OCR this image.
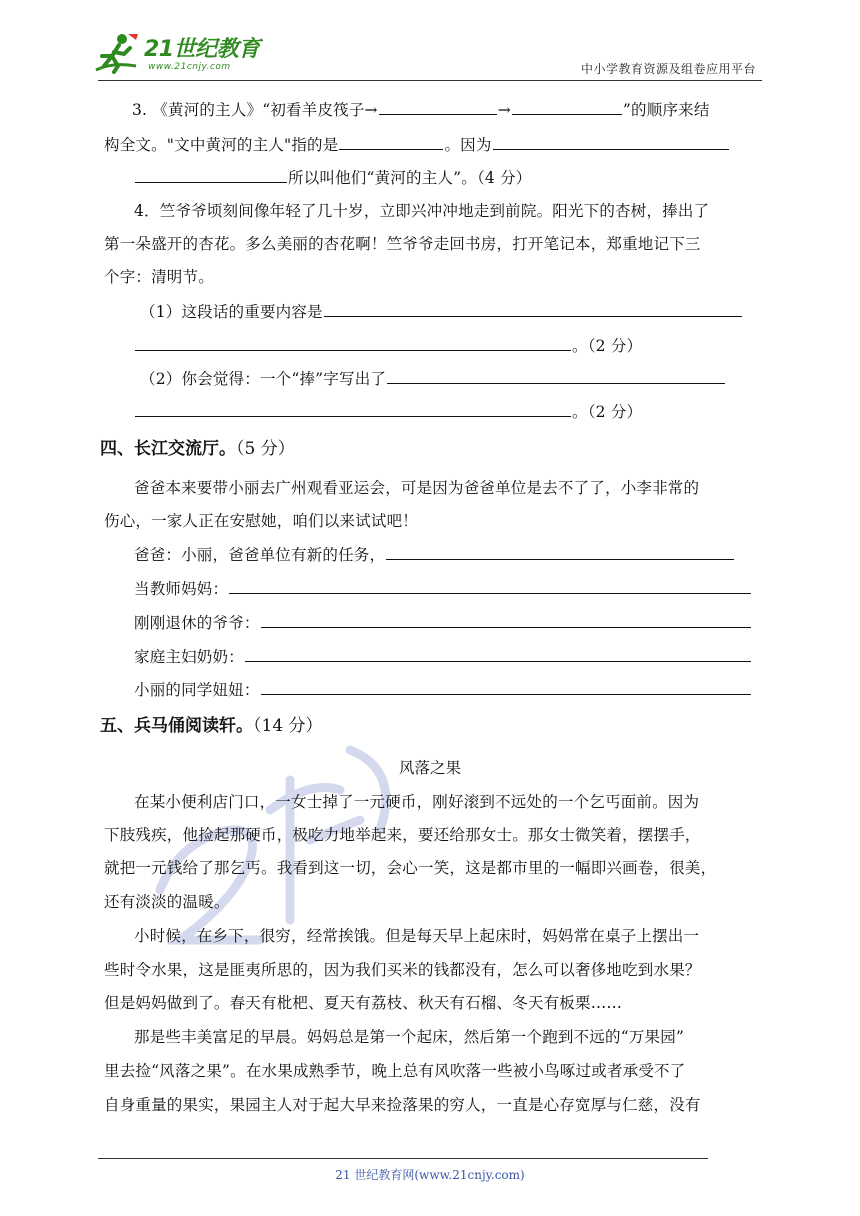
21世纪教育
www.21cnjy.com	中小学教育资源及组卷应用平台
3. 《黄河的主人》“初看羊皮筏子→	→	”的顺序来结
构全文。"文中黄河的主人"指的是	。因为
所以叫他们“黄河的主人”。（4 分）
4．竺爷爷顷刻间像年轻了几十岁，立即兴冲冲地走到前院。阳光下的杏树，捧出了
第一朵盛开的杏花。多么美丽的杏花啊！竺爷爷走回书房，打开笔记本，郑重地记下三
个字：清明节。
（1）这段话的重要内容是
。（2 分）
（2）你会觉得：一个“捧”字写出了
。（2 分）
四、长江交流厅。（5 分）
爸爸本来要带小丽去广州观看亚运会，可是因为爸爸单位是去不了了，小李非常的
伤心，一家人正在安慰她，咱们以来试试吧！
爸爸：小丽，爸爸单位有新的任务，
当教师妈妈：
刚刚退休的爷爷：
家庭主妇奶奶：
小丽的同学妞妞：
五、兵马俑阅读轩。（14 分）
风落之果
在某小便利店门口，一女士掉了一元硬币，刚好滚到不远处的一个乞丐面前。因为
下肢残疾，他捡起那硬币，极吃力地举起来，要还给那女士。那女士微笑着，摆摆手，
就把一元钱给了那乞丐。我看到这一切，会心一笑，这是都市里的一幅即兴画卷，很美，
还有淡淡的温暖。
小时候，在乡下，很穷，经常挨饿。但是每天早上起床时，妈妈常在桌子上摆出一
些时令水果，这是匪夷所思的，因为我们买米的钱都没有，怎么可以奢侈地吃到水果？
但是妈妈做到了。春天有枇杷、夏天有荔枝、秋天有石榴、冬天有板栗……
那是些丰美富足的早晨。妈妈总是第一个起床，然后第一个跑到不远的“万果园”
里去捡“风落之果”。在水果成熟季节，晚上总有风吹落一些被小鸟啄过或者承受不了
自身重量的果实，果园主人对于起大早来捡落果的穷人，一直是心存宽厚与仁慈，没有
21 世纪教育网(www.21cnjy.com)
